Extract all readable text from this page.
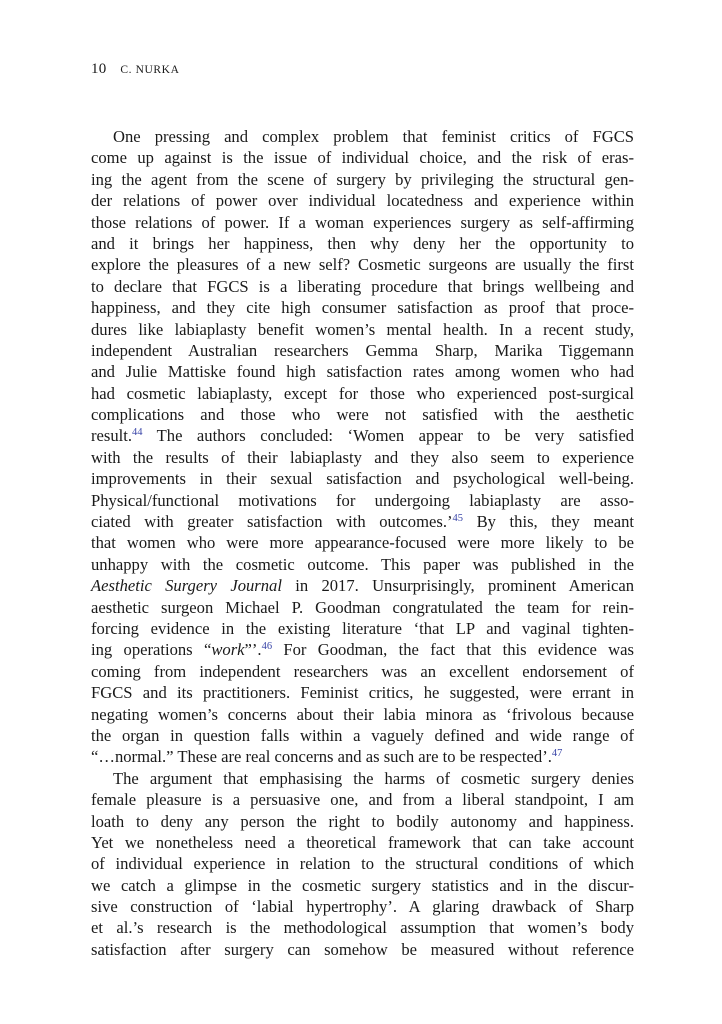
10 C. NURKA
One pressing and complex problem that feminist critics of FGCS
come up against is the issue of individual choice, and the risk of eras-
ing the agent from the scene of surgery by privileging the structural gen-
der relations of power over individual locatedness and experience within
those relations of power. If a woman experiences surgery as self-affirming
and it brings her happiness, then why deny her the opportunity to
explore the pleasures of a new self? Cosmetic surgeons are usually the first
to declare that FGCS is a liberating procedure that brings wellbeing and
happiness, and they cite high consumer satisfaction as proof that proce-
dures like labiaplasty benefit women’s mental health. In a recent study,
independent Australian researchers Gemma Sharp, Marika Tiggemann
and Julie Mattiske found high satisfaction rates among women who had
had cosmetic labiaplasty, except for those who experienced post-surgical
complications and those who were not satisfied with the aesthetic
result.$^{44}$ The authors concluded: ‘Women appear to be very satisfied
with the results of their labiaplasty and they also seem to experience
improvements in their sexual satisfaction and psychological well-being.
Physical/functional motivations for undergoing labiaplasty are asso-
ciated with greater satisfaction with outcomes.’$^{45}$ By this, they meant
that women who were more appearance-focused were more likely to be
unhappy with the cosmetic outcome. This paper was published in the
Aesthetic Surgery Journal in 2017. Unsurprisingly, prominent American
aesthetic surgeon Michael P. Goodman congratulated the team for rein-
forcing evidence in the existing literature ‘that LP and vaginal tighten-
ing operations “work”’.$^{46}$ For Goodman, the fact that this evidence was
coming from independent researchers was an excellent endorsement of
FGCS and its practitioners. Feminist critics, he suggested, were errant in
negating women’s concerns about their labia minora as ‘frivolous because
the organ in question falls within a vaguely defined and wide range of
“…normal.” These are real concerns and as such are to be respected’.$^{47}$
The argument that emphasising the harms of cosmetic surgery denies
female pleasure is a persuasive one, and from a liberal standpoint, I am
loath to deny any person the right to bodily autonomy and happiness.
Yet we nonetheless need a theoretical framework that can take account
of individual experience in relation to the structural conditions of which
we catch a glimpse in the cosmetic surgery statistics and in the discur-
sive construction of ‘labial hypertrophy’. A glaring drawback of Sharp
et al.’s research is the methodological assumption that women’s body
satisfaction after surgery can somehow be measured without reference
